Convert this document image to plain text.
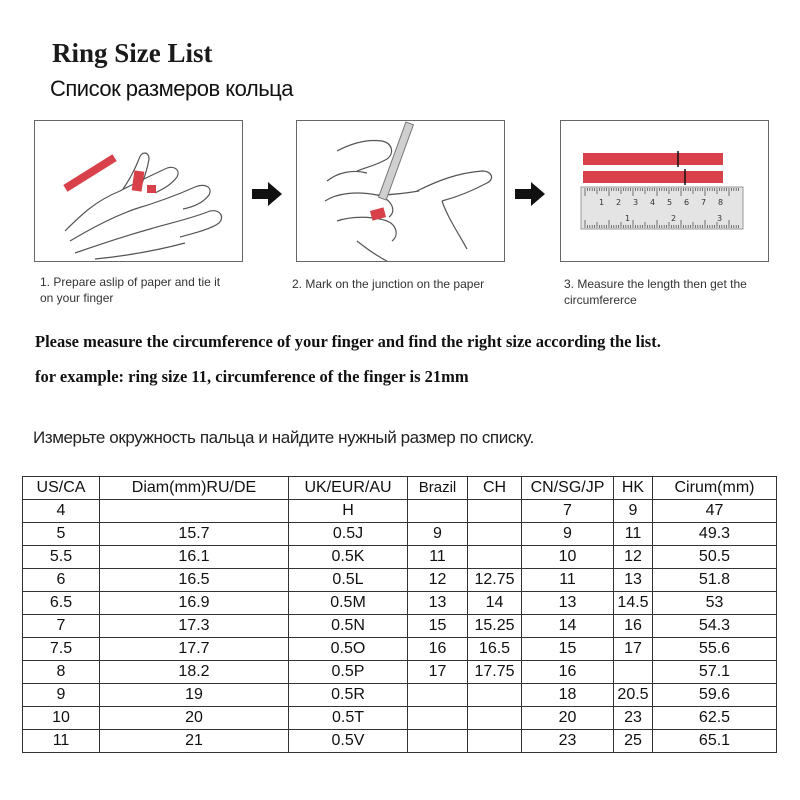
Ring Size List
Список размеров кольца
1 2 3 4 5 6 7 8
1	2	3
1. Prepare aslip of paper and tie it
on your finger
2. Mark on the junction on the paper	3. Measure the length then get the
circumfererce
Please measure the circumference of your finger and find the right size according the list.
for example: ring size 11, circumference of the finger is 21mm
Измерьте окружность пальца и найдите нужный размер по списку.
US/CA	Diam(mm)RU/DE	UK/EUR/AU	Brazil	CH	CN/SG/JP	HK	Cirum(mm)
4		H			7	9	47
5	15.7	0.5J	9		9	11	49.3
5.5	16.1	0.5K	11		10	12	50.5
6	16.5	0.5L	12	12.75	11	13	51.8
6.5	16.9	0.5M	13	14	13	14.5	53
7	17.3	0.5N	15	15.25	14	16	54.3
7.5	17.7	0.5O	16	16.5	15	17	55.6
8	18.2	0.5P	17	17.75	16		57.1
9	19	0.5R			18	20.5	59.6
10	20	0.5T			20	23	62.5
11	21	0.5V			23	25	65.1
